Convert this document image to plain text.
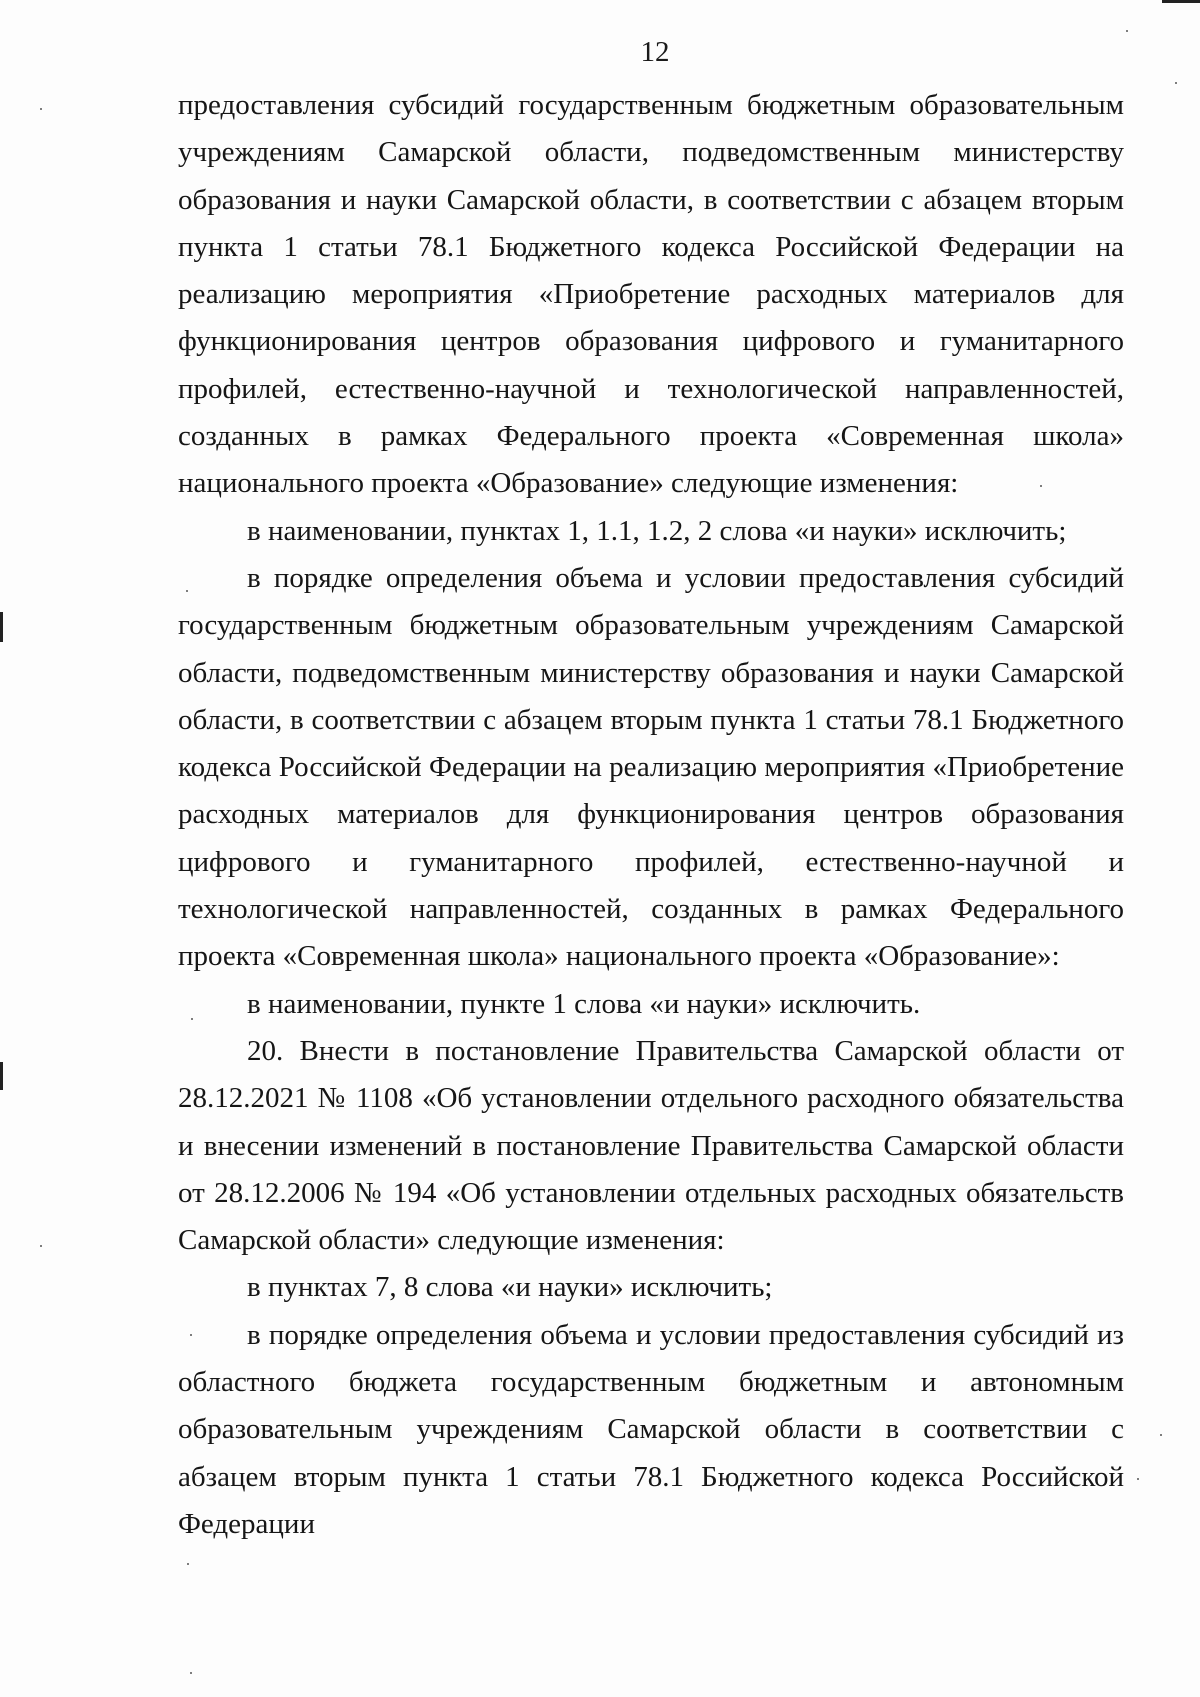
12

предоставления субсидий государственным бюджетным образовательным учреждениям Самарской области, подведомственным министерству образования и науки Самарской области, в соответствии с абзацем вторым пункта 1 статьи 78.1 Бюджетного кодекса Российской Федерации на реализацию мероприятия «Приобретение расходных материалов для функционирования центров образования цифрового и гуманитарного профилей, естественно-научной и технологической направленностей, созданных в рамках Федерального проекта «Современная школа» национального проекта «Образование» следующие изменения:

в наименовании, пунктах 1, 1.1, 1.2, 2 слова «и науки» исключить;

в порядке определения объема и условии предоставления субсидий государственным бюджетным образовательным учреждениям Самарской области, подведомственным министерству образования и науки Самарской области, в соответствии с абзацем вторым пункта 1 статьи 78.1 Бюджетного кодекса Российской Федерации на реализацию мероприятия «Приобретение расходных материалов для функционирования центров образования цифрового и гуманитарного профилей, естественно-научной и технологической направленностей, созданных в рамках Федерального проекта «Современная школа» национального проекта «Образование»:

в наименовании, пункте 1 слова «и науки» исключить.

20. Внести в постановление Правительства Самарской области от 28.12.2021 № 1108 «Об установлении отдельного расходного обязательства и внесении изменений в постановление Правительства Самарской области от 28.12.2006 № 194 «Об установлении отдельных расходных обязательств Самарской области» следующие изменения:

в пунктах 7, 8 слова «и науки» исключить;

в порядке определения объема и условии предоставления субсидий из областного бюджета государственным бюджетным и автономным образовательным учреждениям Самарской области в соответствии с абзацем вторым пункта 1 статьи 78.1 Бюджетного кодекса Российской Федерации
